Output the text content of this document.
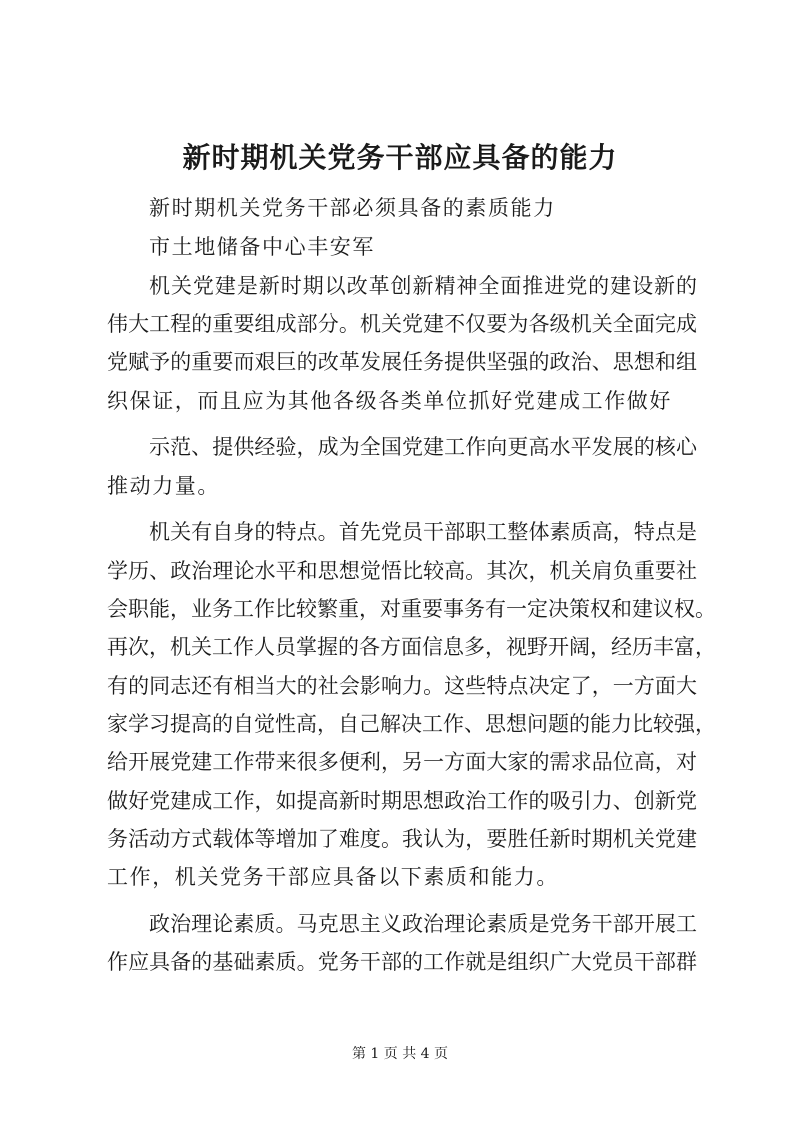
新时期机关党务干部应具备的能力
新时期机关党务干部必须具备的素质能力
市土地储备中心丰安军
机关党建是新时期以改革创新精神全面推进党的建设新的
伟大工程的重要组成部分。机关党建不仅要为各级机关全面完成
党赋予的重要而艰巨的改革发展任务提供坚强的政治、思想和组
织保证，而且应为其他各级各类单位抓好党建成工作做好
示范、提供经验，成为全国党建工作向更高水平发展的核心
推动力量。
机关有自身的特点。首先党员干部职工整体素质高，特点是
学历、政治理论水平和思想觉悟比较高。其次，机关肩负重要社
会职能，业务工作比较繁重，对重要事务有一定决策权和建议权。
再次，机关工作人员掌握的各方面信息多，视野开阔，经历丰富，
有的同志还有相当大的社会影响力。这些特点决定了，一方面大
家学习提高的自觉性高，自己解决工作、思想问题的能力比较强，
给开展党建工作带来很多便利，另一方面大家的需求品位高，对
做好党建成工作，如提高新时期思想政治工作的吸引力、创新党
务活动方式载体等增加了难度。我认为，要胜任新时期机关党建
工作，机关党务干部应具备以下素质和能力。
政治理论素质。马克思主义政治理论素质是党务干部开展工
作应具备的基础素质。党务干部的工作就是组织广大党员干部群
第 1 页 共 4 页
